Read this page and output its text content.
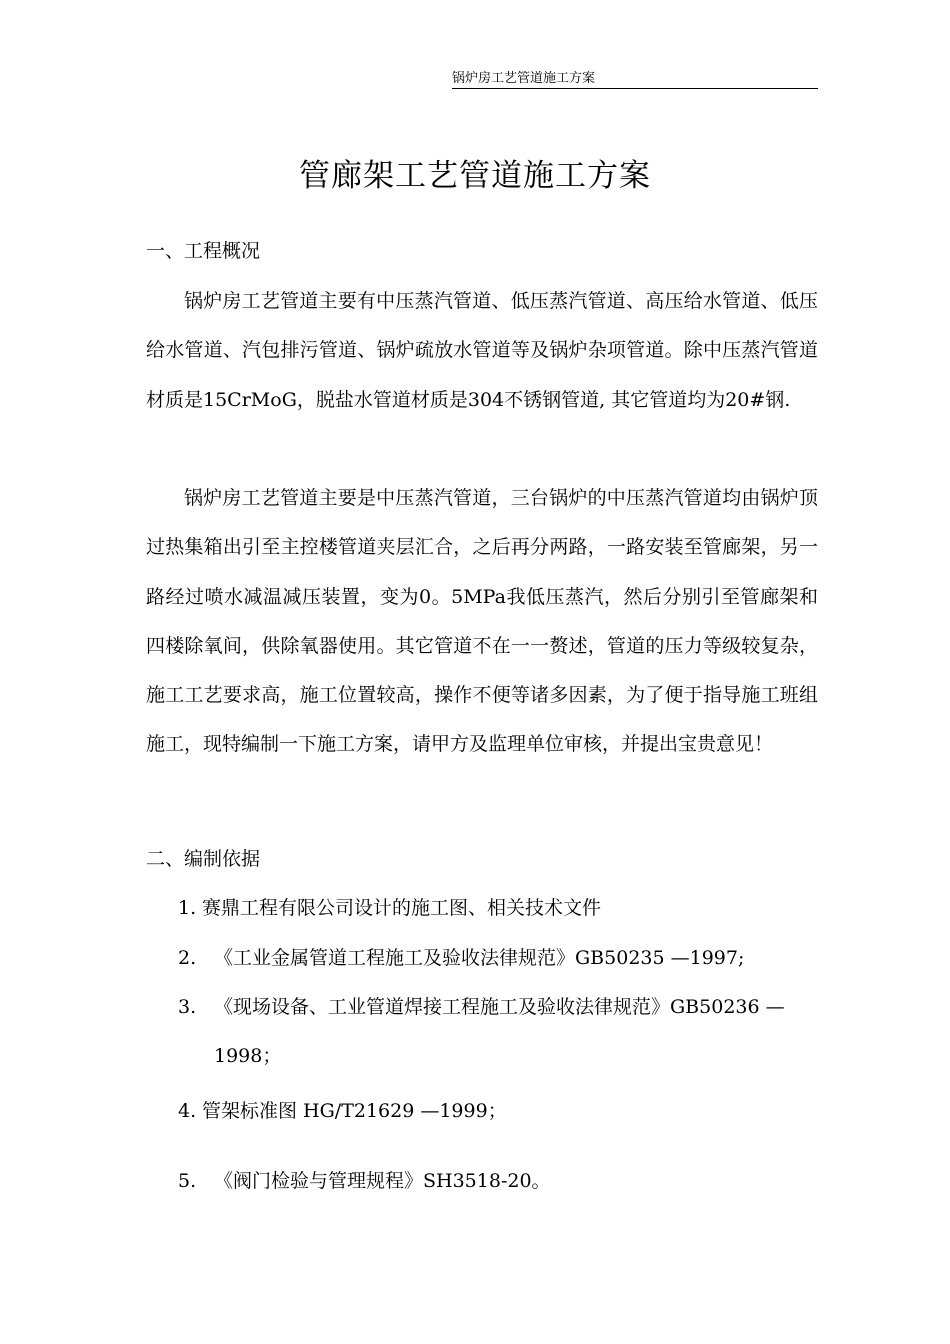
锅炉房工艺管道施工方案
管廊架工艺管道施工方案
一、工程概况

锅炉房工艺管道主要有中压蒸汽管道、低压蒸汽管道、高压给水管道、低压给水管道、汽包排污管道、锅炉疏放水管道等及锅炉杂项管道。除中压蒸汽管道材质是15CrMoG，脱盐水管道材质是304不锈钢管道, 其它管道均为20#钢.

锅炉房工艺管道主要是中压蒸汽管道，三台锅炉的中压蒸汽管道均由锅炉顶过热集箱出引至主控楼管道夹层汇合，之后再分两路，一路安装至管廊架，另一路经过喷水减温减压装置，变为0。5MPa我低压蒸汽，然后分别引至管廊架和四楼除氧间，供除氧器使用。其它管道不在一一赘述，管道的压力等级较复杂，施工工艺要求高，施工位置较高，操作不便等诸多因素，为了便于指导施工班组施工，现特编制一下施工方案，请甲方及监理单位审核，并提出宝贵意见！

二、编制依据
1. 赛鼎工程有限公司设计的施工图、相关技术文件
2. 《工业金属管道工程施工及验收法律规范》GB50235 —1997;
3. 《现场设备、工业管道焊接工程施工及验收法律规范》GB50236 —1998；
4. 管架标准图 HG/T21629 —1999；
5. 《阀门检验与管理规程》SH3518-20。
